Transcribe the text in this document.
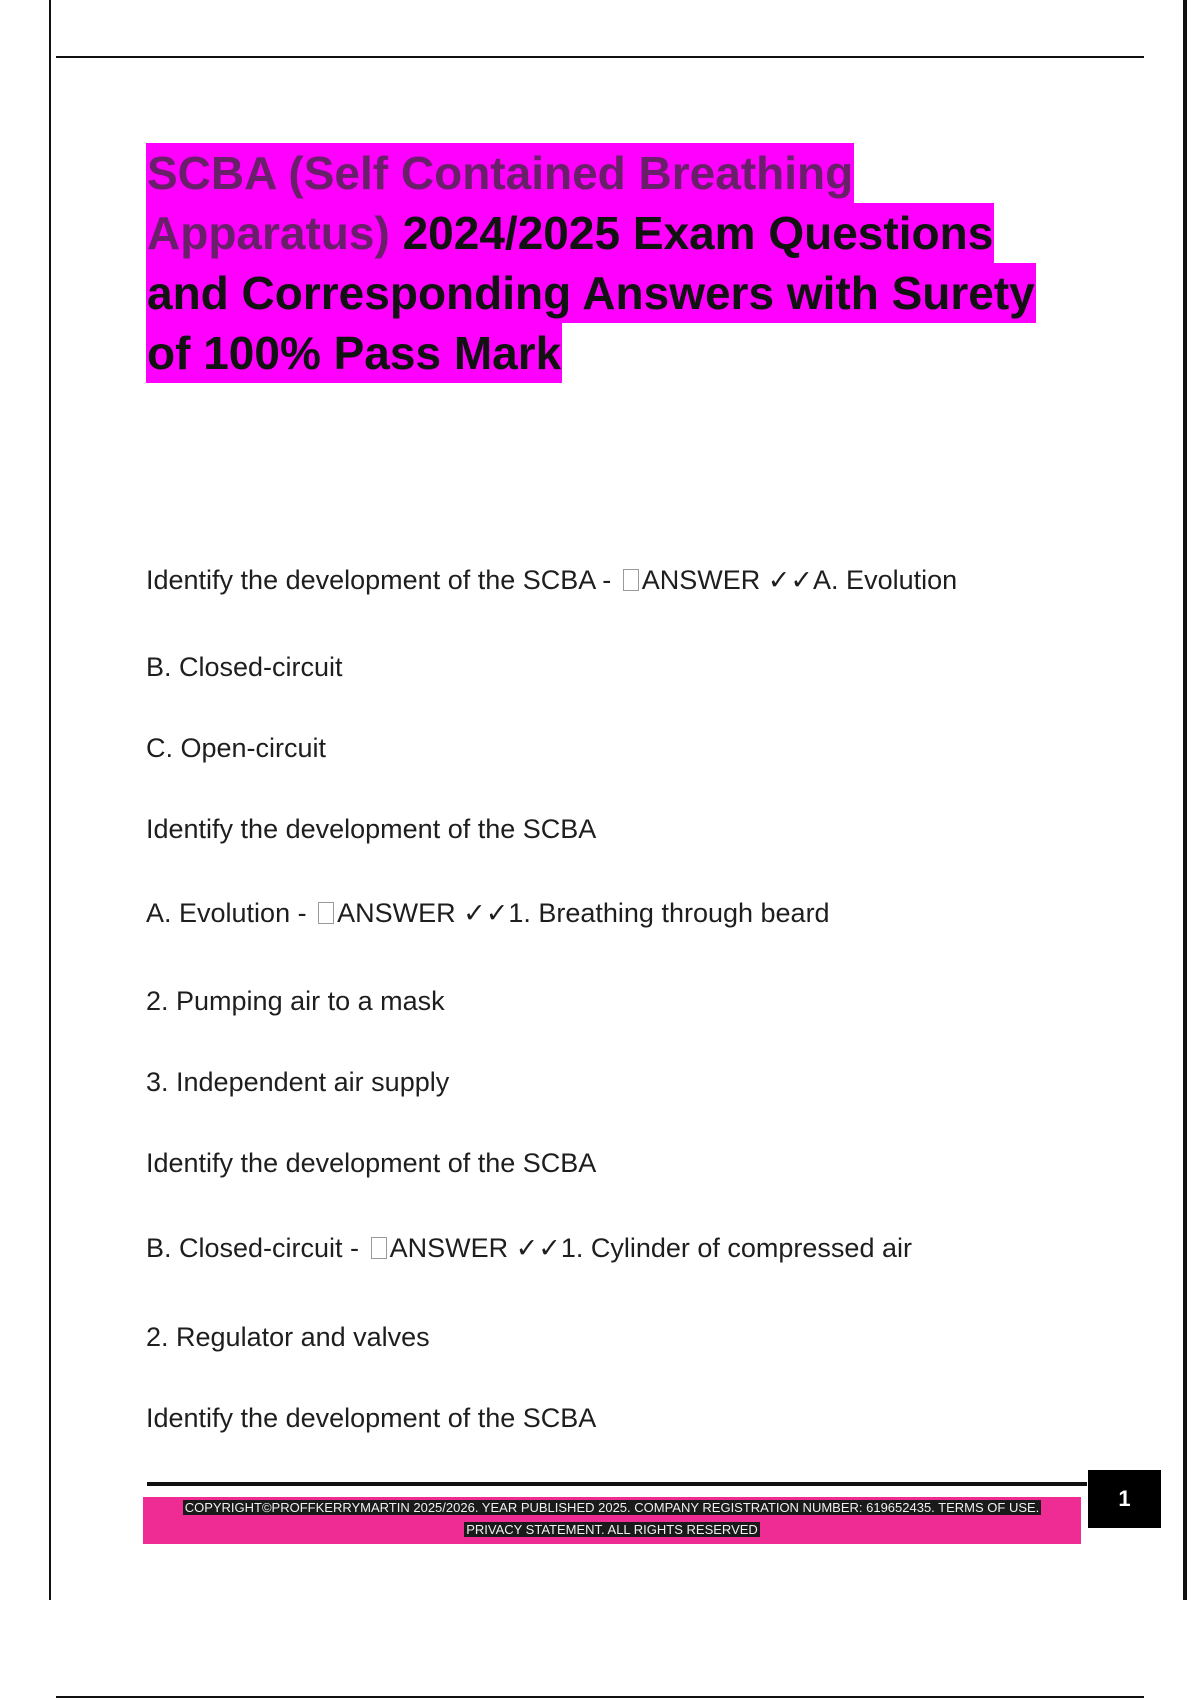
SCBA (Self Contained Breathing
Apparatus) 2024/2025 Exam Questions
and Corresponding Answers with Surety
of 100% Pass Mark

Identify the development of the SCBA - ANSWER ✓✓A. Evolution

B. Closed-circuit

C. Open-circuit

Identify the development of the SCBA

A. Evolution - ANSWER ✓✓1. Breathing through beard

2. Pumping air to a mask

3. Independent air supply

Identify the development of the SCBA

B. Closed-circuit - ANSWER ✓✓1. Cylinder of compressed air

2. Regulator and valves

Identify the development of the SCBA

COPYRIGHT©PROFFKERRYMARTIN 2025/2026. YEAR PUBLISHED 2025. COMPANY REGISTRATION NUMBER: 619652435. TERMS OF USE.
PRIVACY STATEMENT. ALL RIGHTS RESERVED
1
